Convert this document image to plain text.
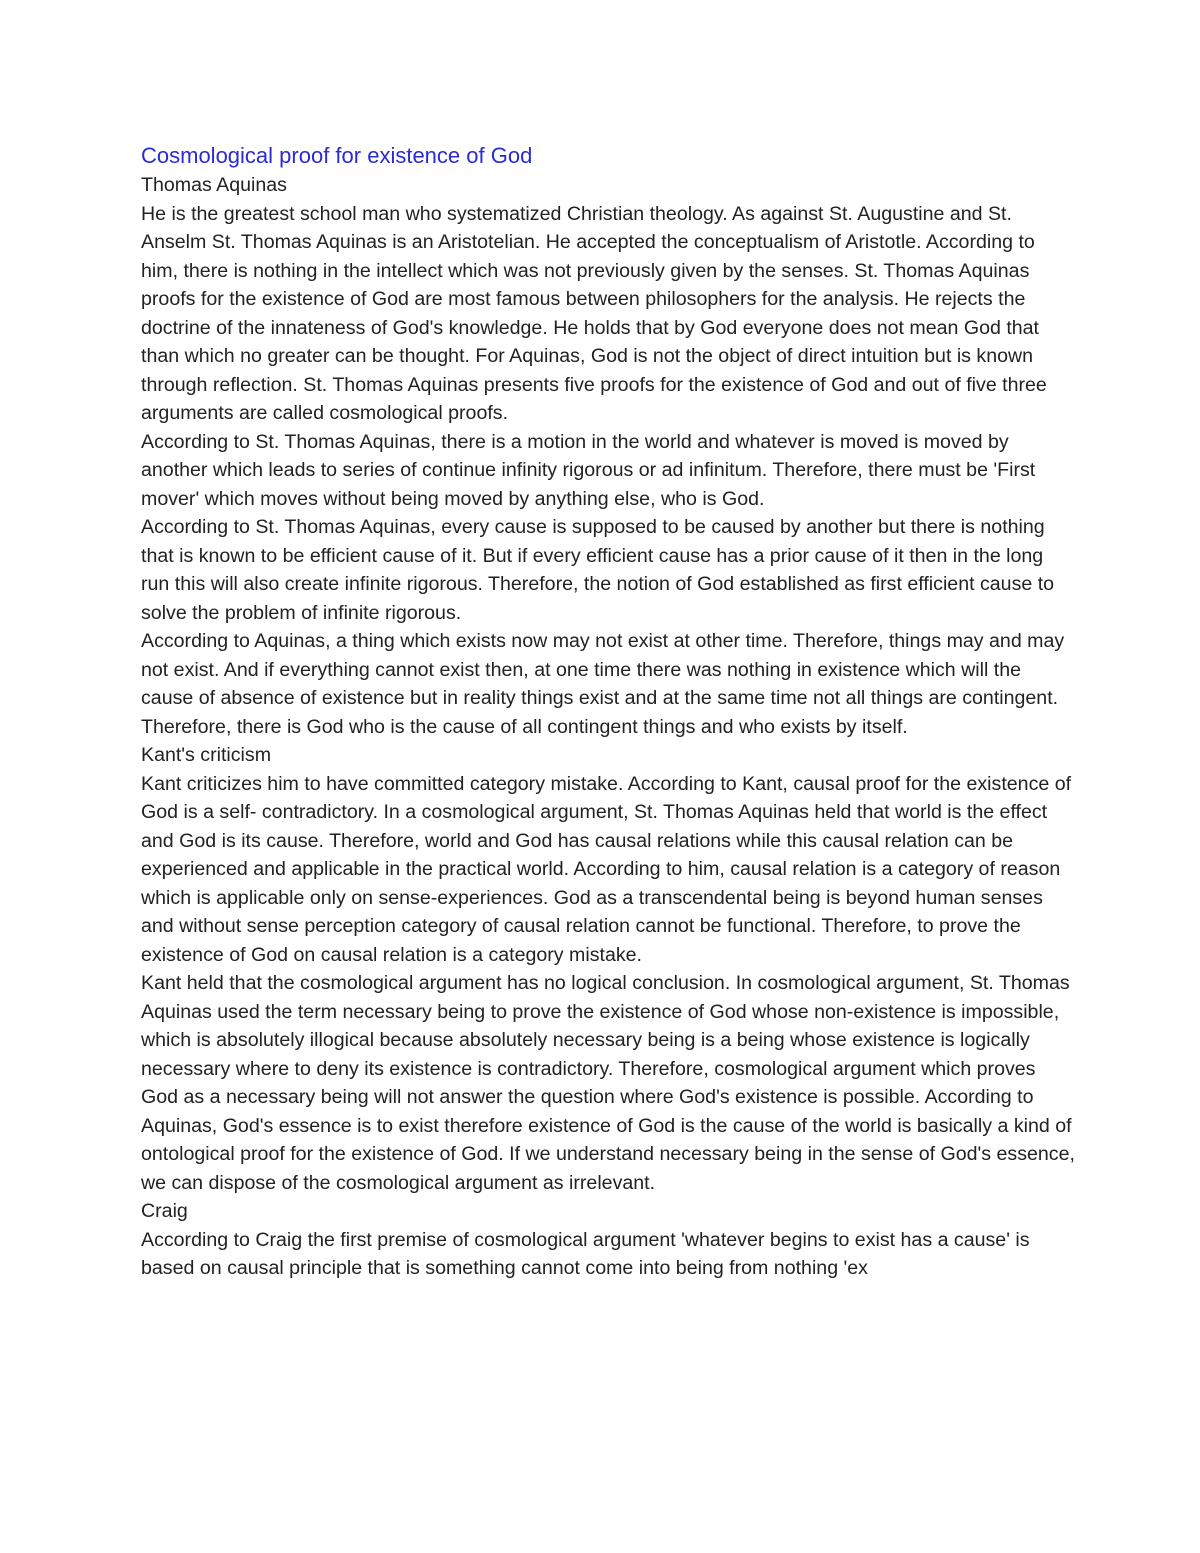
Cosmological proof for existence of God
Thomas Aquinas

He is the greatest school man who systematized Christian theology. As against St. Augustine and St. Anselm St. Thomas Aquinas is an Aristotelian. He accepted the conceptualism of Aristotle. According to him, there is nothing in the intellect which was not previously given by the senses. St. Thomas Aquinas proofs for the existence of God are most famous between philosophers for the analysis. He rejects the doctrine of the innateness of God's knowledge. He holds that by God everyone does not mean God that than which no greater can be thought. For Aquinas, God is not the object of direct intuition but is known through reflection. St. Thomas Aquinas presents five proofs for the existence of God and out of five three arguments are called cosmological proofs.

According to St. Thomas Aquinas, there is a motion in the world and whatever is moved is moved by another which leads to series of continue infinity rigorous or ad infinitum. Therefore, there must be 'First mover' which moves without being moved by anything else, who is God.

According to St. Thomas Aquinas, every cause is supposed to be caused by another but there is nothing that is known to be efficient cause of it. But if every efficient cause has a prior cause of it then in the long run this will also create infinite rigorous. Therefore, the notion of God established as first efficient cause to solve the problem of infinite rigorous.

According to Aquinas, a thing which exists now may not exist at other time. Therefore, things may and may not exist. And if everything cannot exist then, at one time there was nothing in existence which will the cause of absence of existence but in reality things exist and at the same time not all things are contingent. Therefore, there is God who is the cause of all contingent things and who exists by itself.

Kant's criticism

Kant criticizes him to have committed category mistake. According to Kant, causal proof for the existence of God is a self- contradictory. In a cosmological argument, St. Thomas Aquinas held that world is the effect and God is its cause. Therefore, world and God has causal relations while this causal relation can be experienced and applicable in the practical world. According to him, causal relation is a category of reason which is applicable only on sense-experiences. God as a transcendental being is beyond human senses and without sense perception category of causal relation cannot be functional. Therefore, to prove the existence of God on causal relation is a category mistake.

Kant held that the cosmological argument has no logical conclusion. In cosmological argument, St. Thomas Aquinas used the term necessary being to prove the existence of God whose non-existence is impossible, which is absolutely illogical because absolutely necessary being is a being whose existence is logically necessary where to deny its existence is contradictory. Therefore, cosmological argument which proves God as a necessary being will not answer the question where God's existence is possible. According to Aquinas, God's essence is to exist therefore existence of God is the cause of the world is basically a kind of ontological proof for the existence of God. If we understand necessary being in the sense of God's essence, we can dispose of the cosmological argument as irrelevant.

Craig

According to Craig the first premise of cosmological argument 'whatever begins to exist has a cause' is based on causal principle that is something cannot come into being from nothing 'ex
